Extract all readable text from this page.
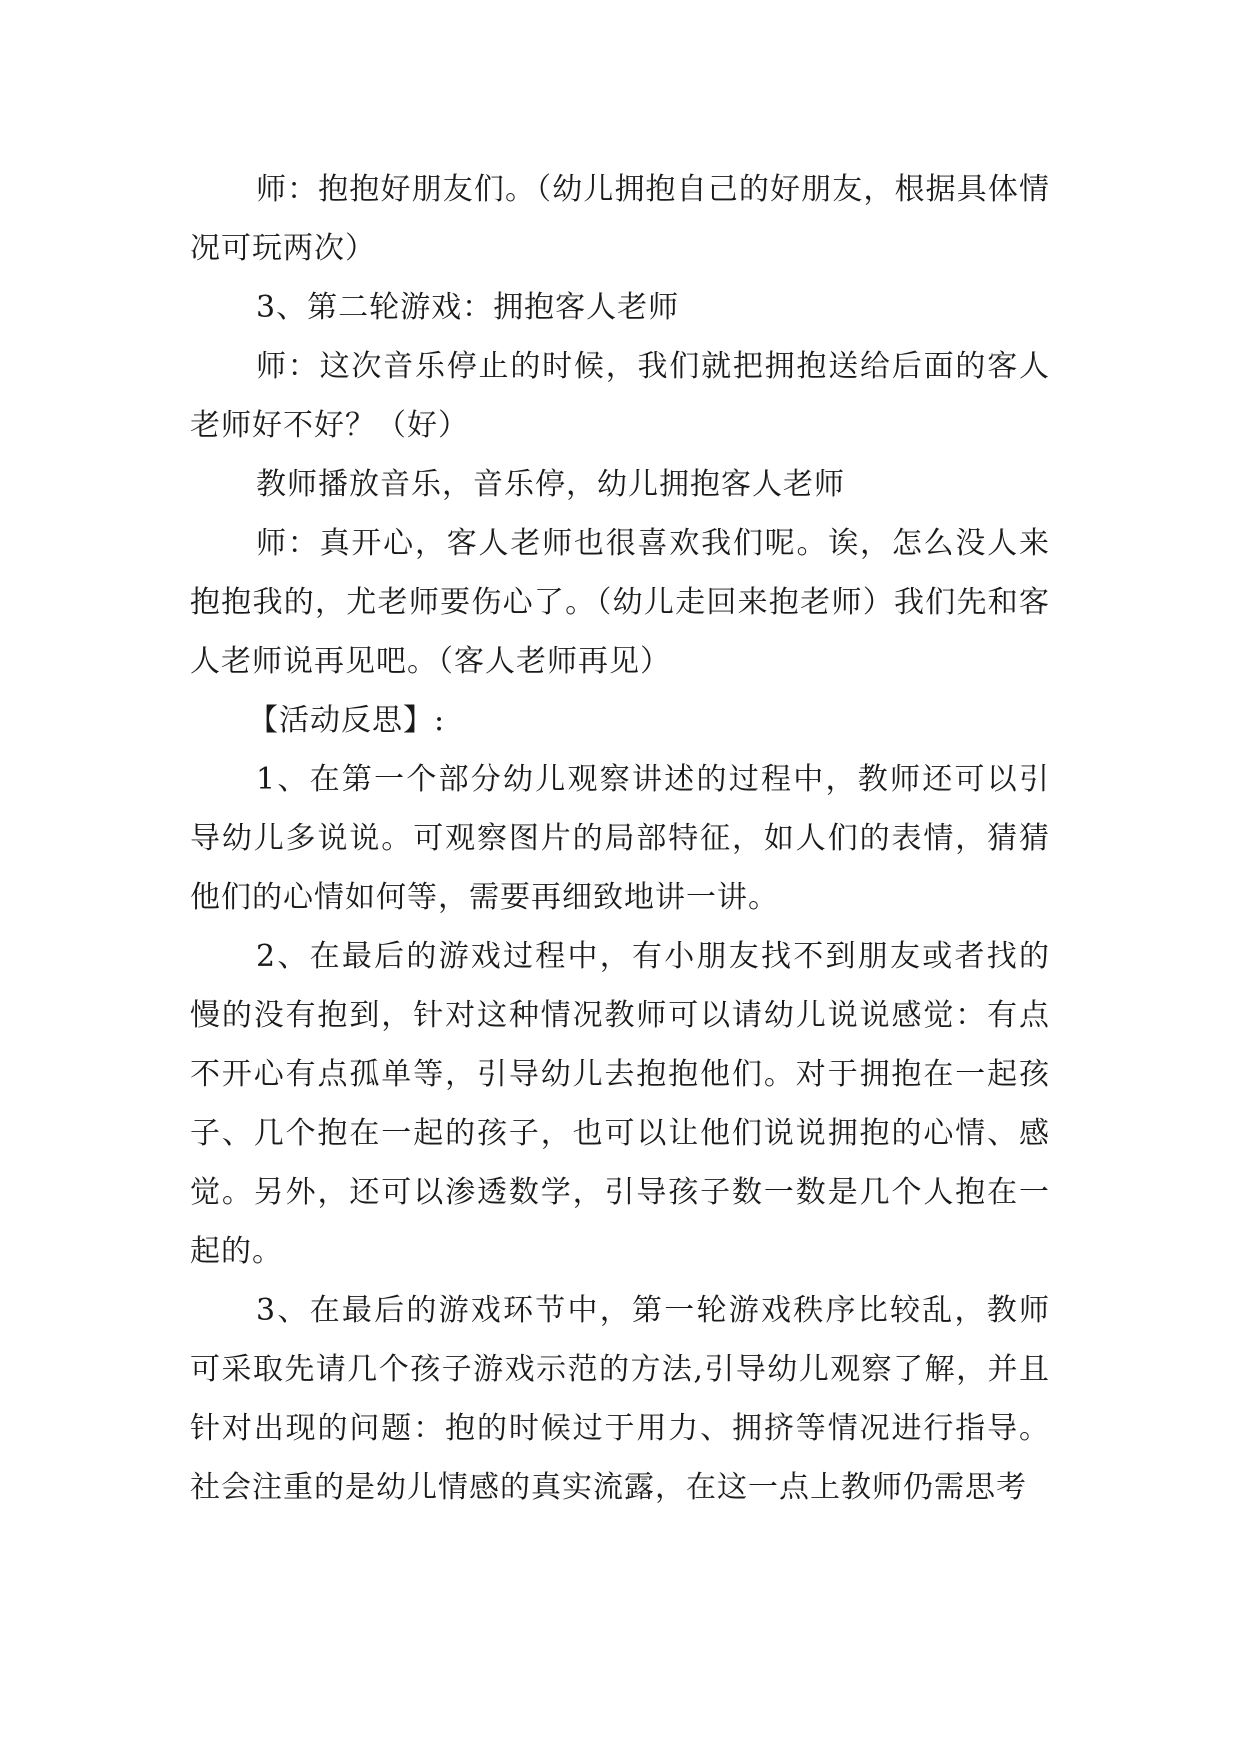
师：抱抱好朋友们。（幼儿拥抱自己的好朋友，根据具体情况可玩两次）

3、第二轮游戏：拥抱客人老师

师：这次音乐停止的时候，我们就把拥抱送给后面的客人老师好不好？（好）

教师播放音乐，音乐停，幼儿拥抱客人老师

师：真开心，客人老师也很喜欢我们呢。诶，怎么没人来抱抱我的，尤老师要伤心了。（幼儿走回来抱老师）我们先和客人老师说再见吧。（客人老师再见）

【活动反思】:

1、在第一个部分幼儿观察讲述的过程中，教师还可以引导幼儿多说说。可观察图片的局部特征，如人们的表情，猜猜他们的心情如何等，需要再细致地讲一讲。

2、在最后的游戏过程中，有小朋友找不到朋友或者找的慢的没有抱到，针对这种情况教师可以请幼儿说说感觉：有点不开心有点孤单等，引导幼儿去抱抱他们。对于拥抱在一起孩子、几个抱在一起的孩子，也可以让他们说说拥抱的心情、感觉。另外，还可以渗透数学，引导孩子数一数是几个人抱在一起的。

3、在最后的游戏环节中，第一轮游戏秩序比较乱，教师可采取先请几个孩子游戏示范的方法,引导幼儿观察了解，并且针对出现的问题：抱的时候过于用力、拥挤等情况进行指导。社会注重的是幼儿情感的真实流露，在这一点上教师仍需思考
